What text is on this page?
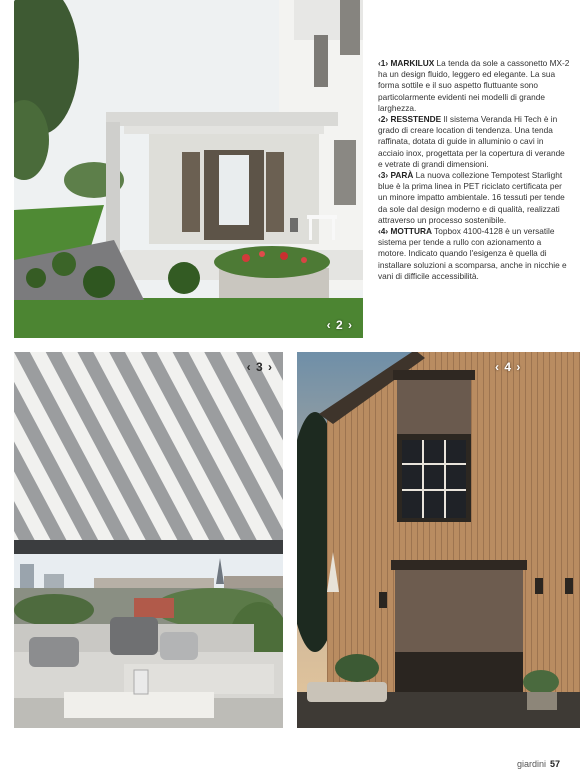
‹ 2 ›

‹1› MARKILUX La tenda da sole a cassonetto MX-2 ha un design fluido, leggero ed elegante. La sua forma sottile e il suo aspetto fluttuante sono particolarmente evidenti nei modelli di grande larghezza.

‹2› RESSTENDE Il sistema Veranda Hi Tech è in grado di creare location di tendenza. Una tenda raffinata, dotata di guide in alluminio o cavi in acciaio inox, progettata per la copertura di verande e vetrate di grandi dimensioni.

‹3› PARÀ La nuova collezione Tempotest Starlight blue è la prima linea in PET riciclato certificata per un minore impatto ambientale. 16 tessuti per tende da sole dal design moderno e di qualità, realizzati attraverso un processo sostenibile.

‹4› MOTTURA Topbox 4100-4128 è un versatile sistema per tende a rullo con azionamento a motore. Indicato quando l'esigenza è quella di installare soluzioni a scomparsa, anche in nicchie e vani di difficile accessibilità.

‹ 3 ›	‹ 4 ›
giardini 57
